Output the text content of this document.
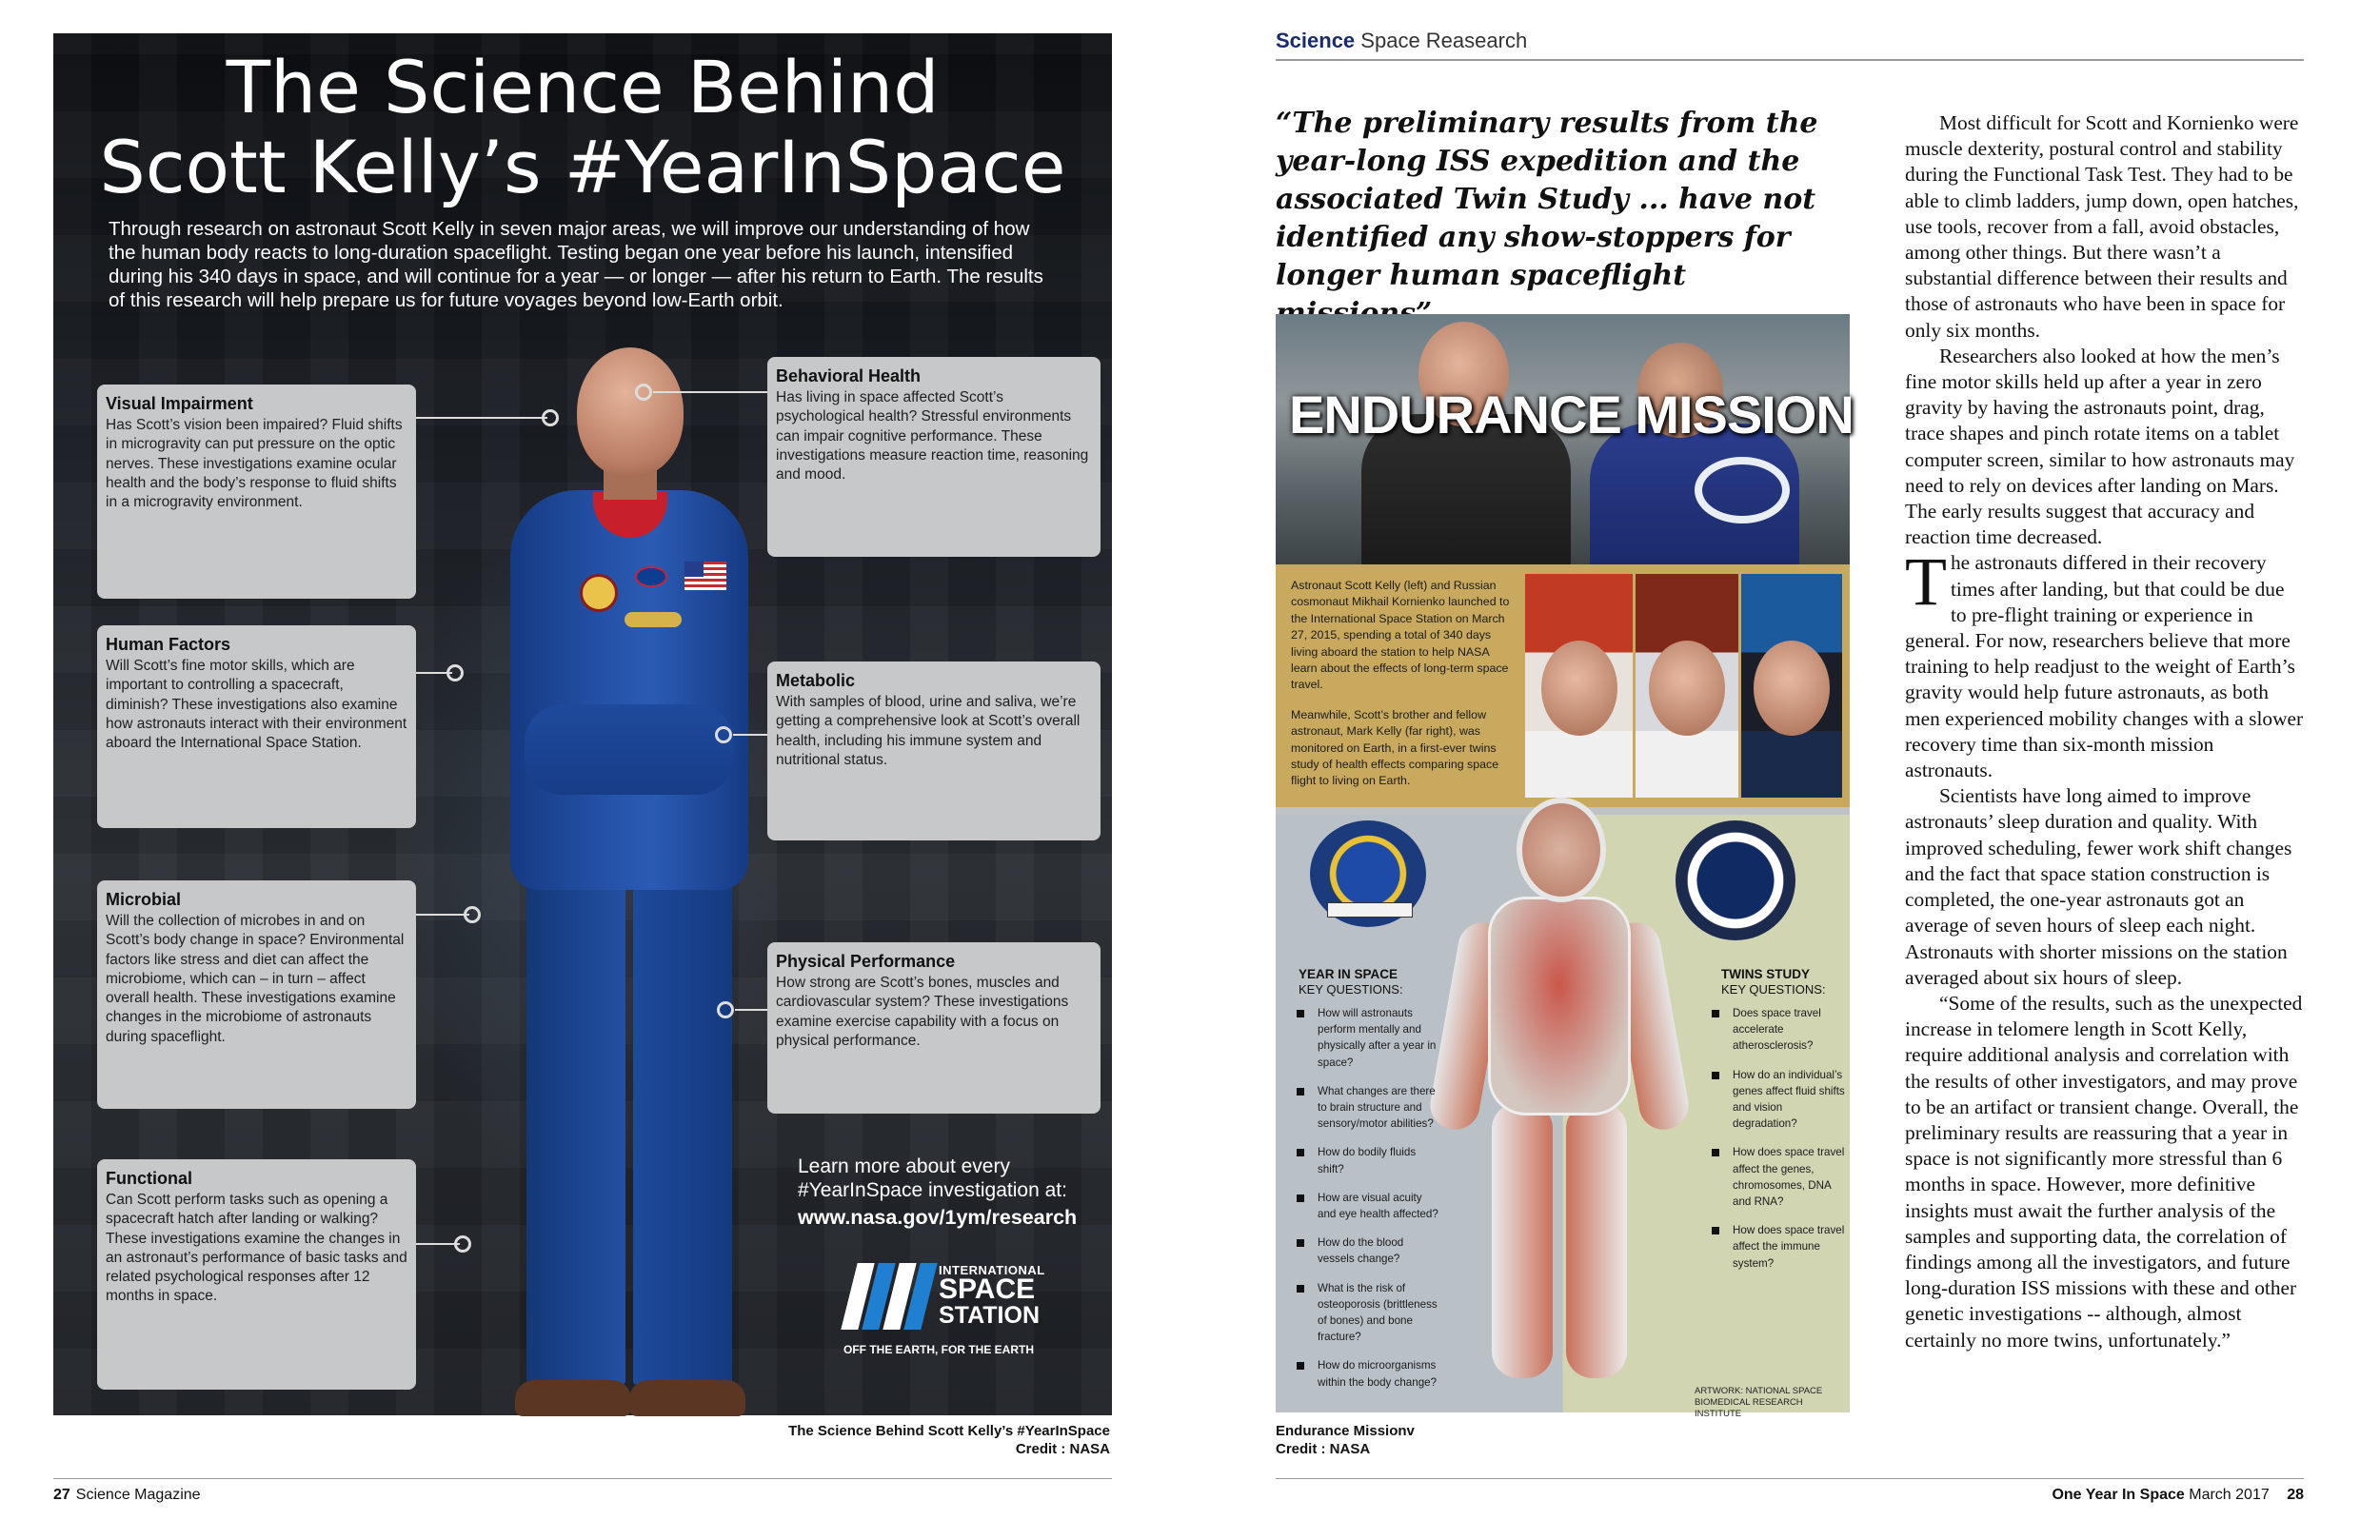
The Science Behind
Scott Kelly’s #YearInSpace

Through research on astronaut Scott Kelly in seven major areas, we will improve our understanding of how the human body reacts to long-duration spaceflight. Testing began one year before his launch, intensified during his 340 days in space, and will continue for a year — or longer — after his return to Earth. The results of this research will help prepare us for future voyages beyond low-Earth orbit.

Visual Impairment

Has Scott’s vision been impaired? Fluid shifts in microgravity can put pressure on the optic nerves. These investigations examine ocular health and the body’s response to fluid shifts in a microgravity environment.

Human Factors

Will Scott’s fine motor skills, which are important to controlling a spacecraft, diminish? These investigations also examine how astronauts interact with their environment aboard the International Space Station.

Microbial

Will the collection of microbes in and on Scott’s body change in space? Environmental factors like stress and diet can affect the microbiome, which can – in turn – affect overall health. These investigations examine changes in the microbiome of astronauts during spaceflight.

Functional

Can Scott perform tasks such as opening a spacecraft hatch after landing or walking? These investigations examine the changes in an astronaut’s performance of basic tasks and related psychological responses after 12 months in space.

Behavioral Health

Has living in space affected Scott’s psychological health? Stressful environments can impair cognitive performance. These investigations measure reaction time, reasoning and mood.

Metabolic

With samples of blood, urine and saliva, we’re getting a comprehensive look at Scott’s overall health, including his immune system and nutritional status.

Physical Performance

How strong are Scott’s bones, muscles and cardiovascular system? These investigations examine exercise capability with a focus on physical performance.

Learn more about every
#YearInSpace investigation at:
www.nasa.gov/1ym/research
INTERNATIONAL
SPACE
STATION
OFF THE EARTH, FOR THE EARTH
The Science Behind Scott Kelly’s #YearInSpace
Credit : NASA
Science Space Reasearch

“The preliminary results from the year-long ISS expedition and the associated Twin Study ... have not identified any show-stoppers for longer human spaceflight

ENDURANCE MISSION

Astronaut Scott Kelly (left) and Russian cosmonaut Mikhail Kornienko launched to the International Space Station on March 27, 2015, spending a total of 340 days living aboard the station to help NASA learn about the effects of long-term space travel.

Meanwhile, Scott’s brother and fellow astronaut, Mark Kelly (far right), was monitored on Earth, in a first-ever twins study of health effects comparing space flight to living on Earth.

YEAR IN SPACE
KEY QUESTIONS:
How will astronauts perform mentally and physically after a year in space?
What changes are there to brain structure and sensory/motor abilities?
How do bodily fluids shift?
How are visual acuity and eye health affected?
How do the blood vessels change?
What is the risk of osteoporosis (brittleness of bones) and bone fracture?
How do microorganisms within the body change?
TWINS STUDY
KEY QUESTIONS:
Does space travel accelerate atherosclerosis?
How do an individual’s genes affect fluid shifts and vision degradation?
How does space travel affect the genes, chromosomes, DNA and RNA?
How does space travel affect the immune system?
ARTWORK: NATIONAL SPACE
BIOMEDICAL RESEARCH INSTITUTE
Endurance Missionv
Credit : NASA

Most difficult for Scott and Kornienko were muscle dexterity, postural control and stability during the Functional Task Test. They had to be able to climb ladders, jump down, open hatches, use tools, recover from a fall, avoid obstacles, among other things. But there wasn’t a substantial difference between their results and those of astronauts who have been in space for only six months.

Researchers also looked at how the men’s fine motor skills held up after a year in zero gravity by having the astronauts point, drag, trace shapes and pinch rotate items on a tablet computer screen, similar to how astronauts may need to rely on devices after landing on Mars. The early results suggest that accuracy and reaction time decreased.

The astronauts differed in their recovery times after landing, but that could be due to pre-flight training or experience in general. For now, researchers believe that more training to help readjust to the weight of Earth’s gravity would help future astronauts, as both men experienced mobility changes with a slower recovery time than six-month mission astronauts.

Scientists have long aimed to improve astronauts’ sleep duration and quality. With improved scheduling, fewer work shift changes and the fact that space station construction is completed, the one-year astronauts got an average of seven hours of sleep each night. Astronauts with shorter missions on the station averaged about six hours of sleep.

“Some of the results, such as the unexpected increase in telomere length in Scott Kelly, require additional analysis and correlation with the results of other investigators, and may prove to be an artifact or transient change. Overall, the preliminary results are reassuring that a year in space is not significantly more stressful than 6 months in space. However, more definitive insights must await the further analysis of the samples and supporting data, the correlation of findings among all the investigators, and future long-duration ISS missions with these and other genetic investigations -- although, almost certainly no more twins, unfortunately.”

27 Science Magazine	One Year In Space March 2017 28
